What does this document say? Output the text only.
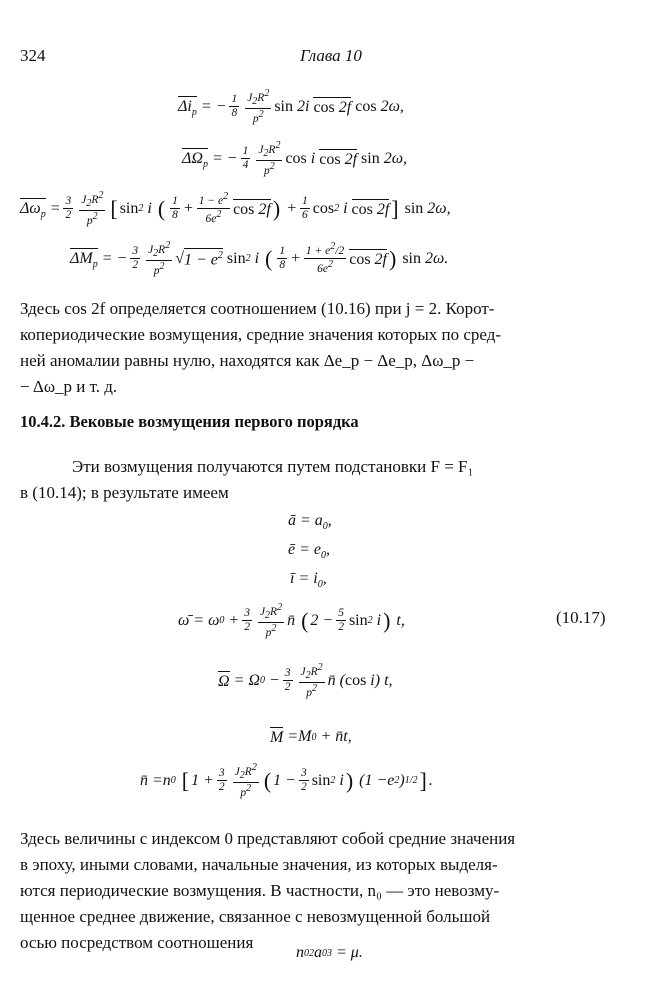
324	Глава 10
$\Delta i_p$ = − $\frac{1}{8} \frac{J_2R^2}{p^2}$ sin 2 i
cos 2f
cos 2ω,
$\Delta\Omega_p$ = − $\frac{1}{4} \frac{J_2R^2}{p^2}$ cos
i
cos 2f
sin 2ω,
$\Delta\omega_p = \frac{3}{2} \frac{J_2R^2}{p^2}$ [ sin 2
i
( $\frac{1}{8} + \frac{1 - e^2}{6e^2}$ cos 2f ) + $\frac{1}{6}$ cos 2
i
cos 2f ]
sin 2ω,
$\Delta M_p$ = − $\frac{3}{2} \frac{J_2R^2}{p^2}$ √ $1 - e^2$
sin 2
i
( $\frac{1}{8} + \frac{1 + e^2/2}{6e^2}$ cos 2f )
sin 2ω.
Здесь cos 2f определяется соотношением (10.16) при j = 2. Корот-
копериодические возмущения, средние значения которых по сред-
ней аномалии равны нулю, находятся как Δe_p − Δe_p, Δω_p −
− Δω_p и т. д.
10.4.2. Вековые возмущения первого порядка
Эти возмущения получаются путем подстановки F = F₁
в (10.14); в результате имеем
ā = $a_0$,
ē = $e_0$,
ī = $i_0$,
ω̄ = ω $0 + \frac{3}{2} \frac{J_2R^2}{p^2}$ n̄ ( $2 - \frac{5}{2}$ sin 2
i )
t ,	(10.17)
Ω = Ω $0 - \frac{3}{2} \frac{J_2R^2}{p^2}$ n̄ ( cos
i ) t ,
M = M 0 + n̄ t ,
n̄ = n 0
[ $1 + \frac{3}{2} \frac{J_2R^2}{p^2}$ ( $1 - \frac{3}{2}$ sin 2
i ) (1 − e 2 ) 1/2 ] .
Здесь величины с индексом 0 представляют собой средние значения
в эпоху, иными словами, начальные значения, из которых выделя-
ются периодические возмущения. В частности, n₀ — это невозму-
щенное среднее движение, связанное с невозмущенной большой
осью посредством соотношения
n 0 2 a 0 3 = μ.
